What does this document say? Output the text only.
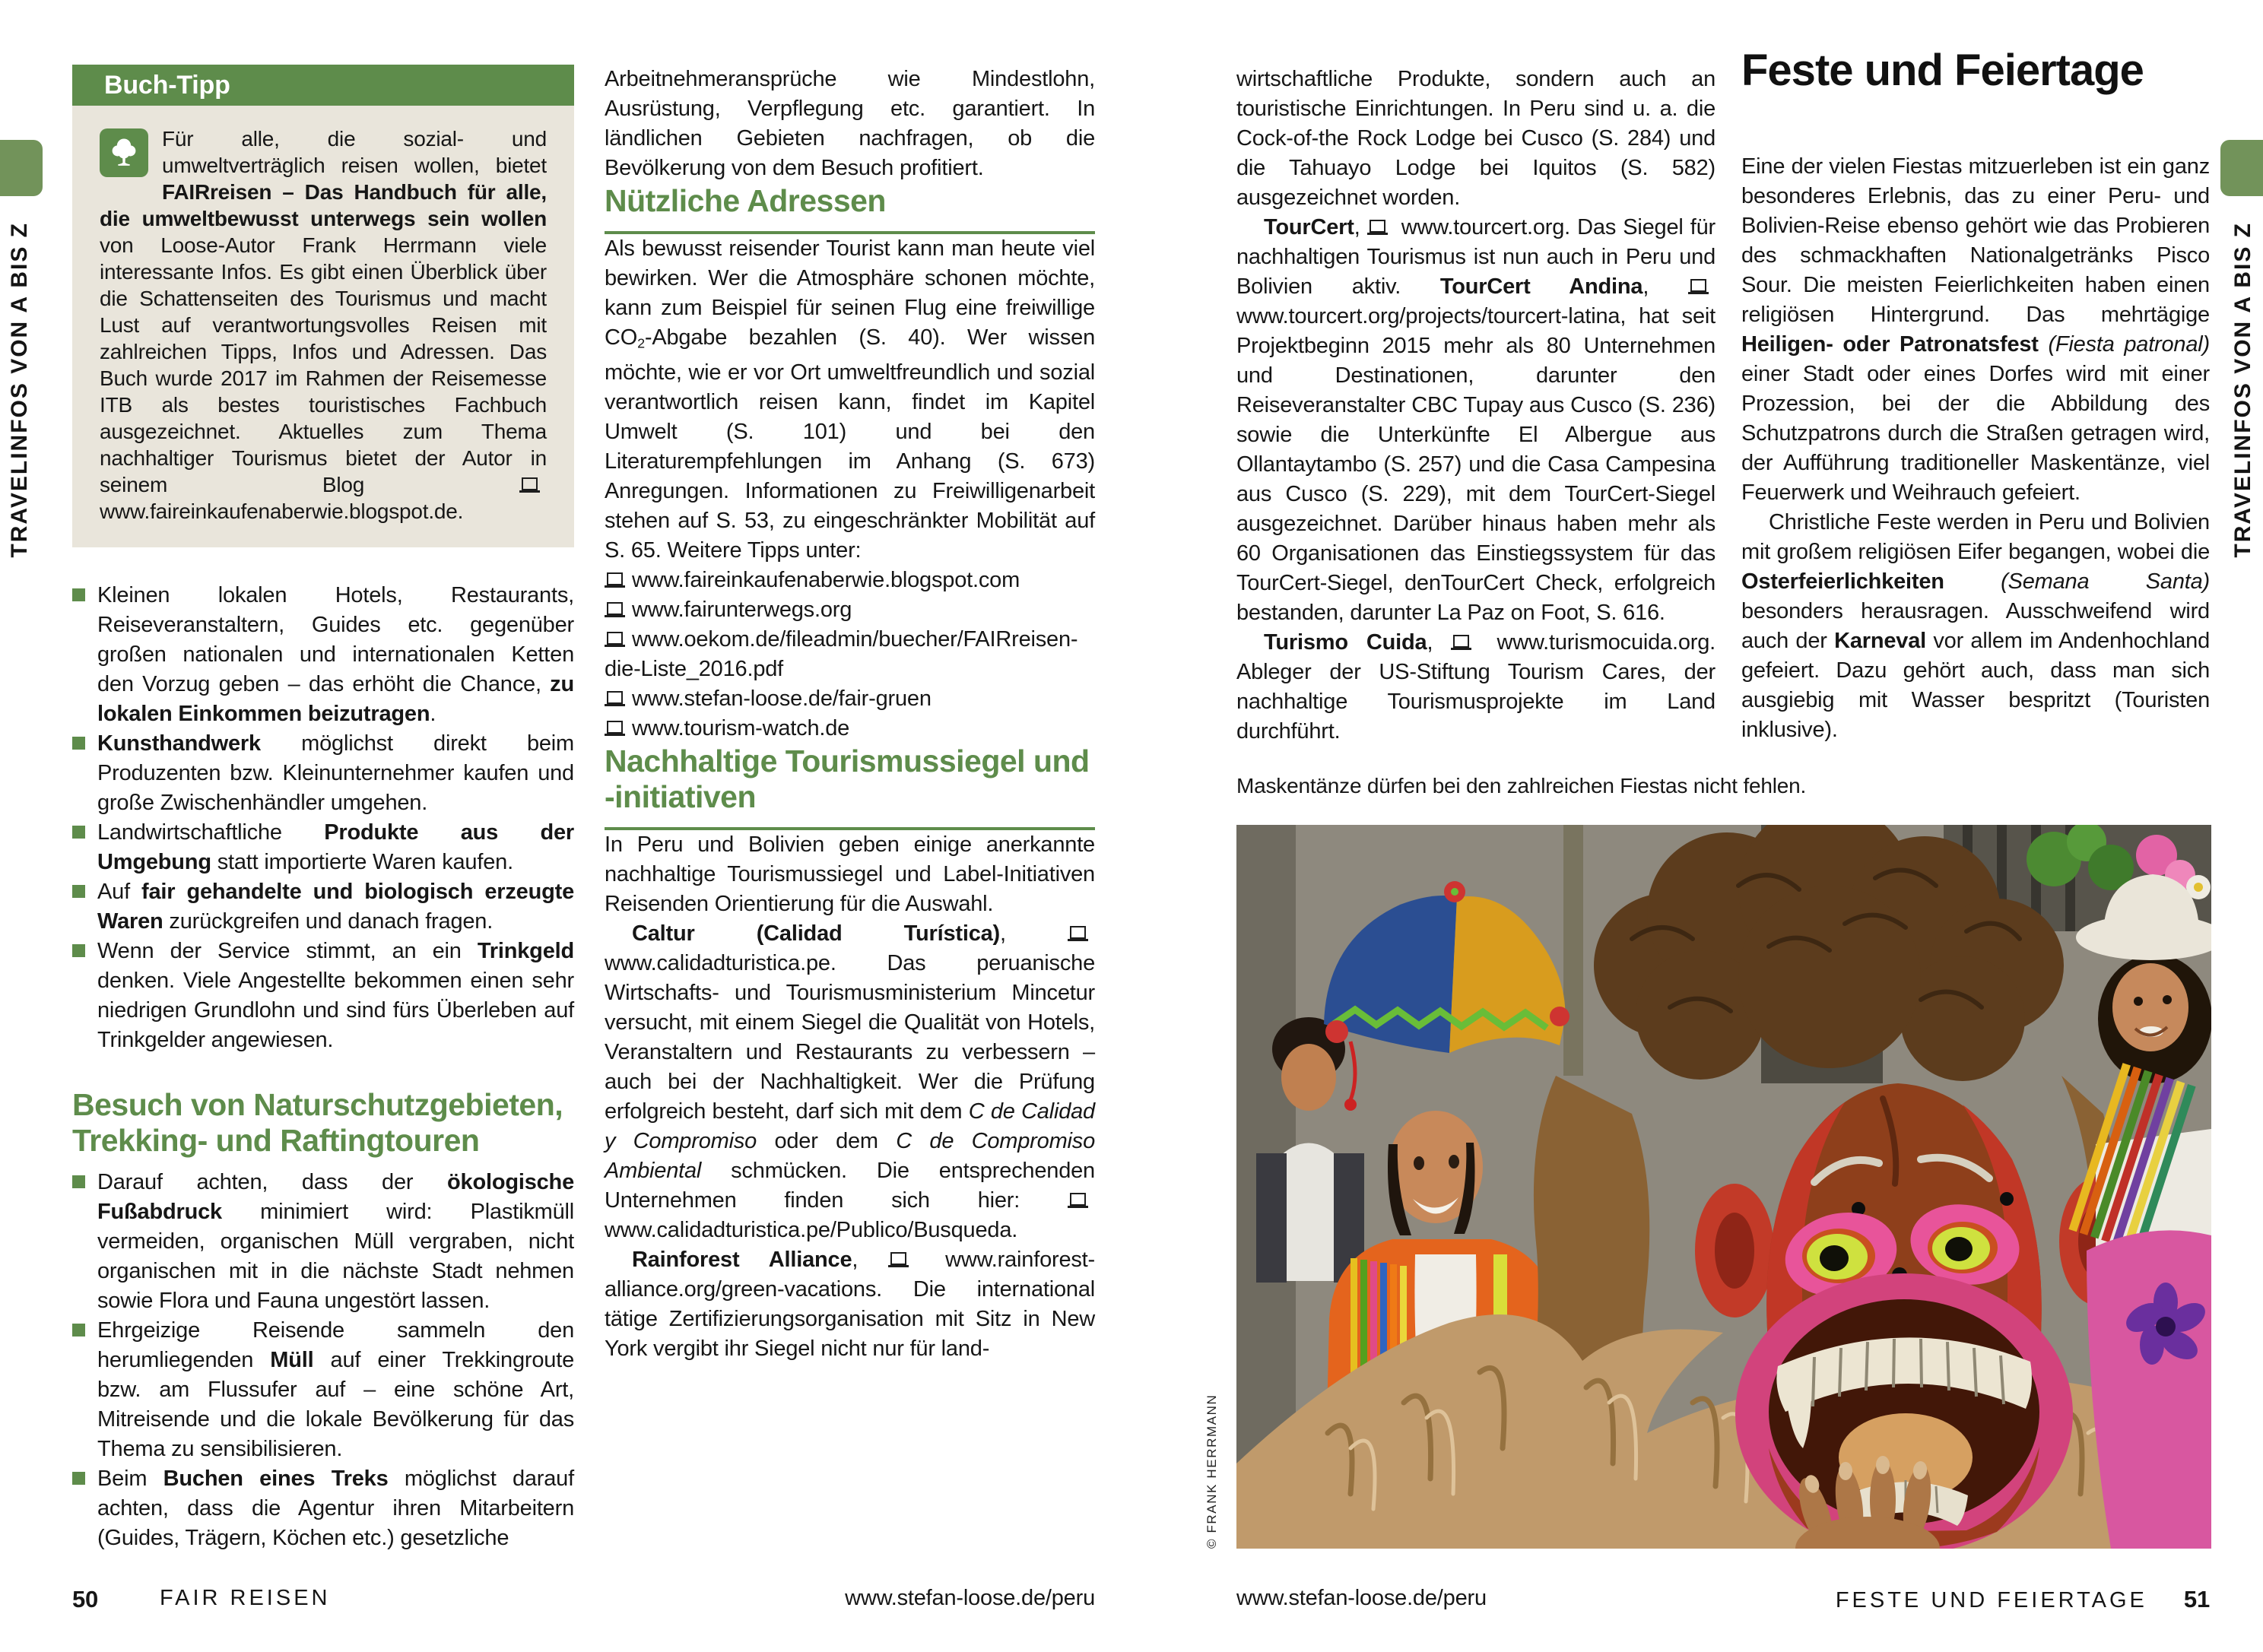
TRAVELINFOS VON A BIS Z	TRAVELINFOS VON A BIS Z
Buch-Tipp

Für alle, die sozial- und umweltverträglich reisen wollen, bietet FAIRreisen – Das Handbuch für alle, die umweltbewusst unterwegs sein wollen von Loose-Autor Frank Herrmann viele interessante Infos. Es gibt einen Überblick über die Schattenseiten des Tourismus und macht Lust auf verantwortungsvolles Reisen mit zahlreichen Tipps, Infos und Adressen. Das Buch wurde 2017 im Rahmen der Reisemesse ITB als bestes touristisches Fachbuch ausgezeichnet. Aktuelles zum Thema nachhaltiger Tourismus bietet der Autor in seinem Blog  www.faireinkaufenaberwie.blogspot.de.

Kleinen lokalen Hotels, Restaurants, Reiseveranstaltern, Guides etc. gegenüber großen nationalen und internationalen Ketten den Vorzug geben – das erhöht die Chance, zu lokalen Einkommen beizutragen.

Kunsthandwerk möglichst direkt beim Produzenten bzw. Kleinunternehmer kaufen und große Zwischenhändler umgehen.

Landwirtschaftliche Produkte aus der Umgebung statt importierte Waren kaufen.

Auf fair gehandelte und biologisch erzeugte Waren zurückgreifen und danach fragen.

Wenn der Service stimmt, an ein Trinkgeld denken. Viele Angestellte bekommen einen sehr niedrigen Grundlohn und sind fürs Überleben auf Trinkgelder angewiesen.

Besuch von Naturschutzgebieten, Trekking- und Raftingtouren

Darauf achten, dass der ökologische Fußabdruck minimiert wird: Plastikmüll vermeiden, organischen Müll vergraben, nicht organischen mit in die nächste Stadt nehmen sowie Flora und Fauna ungestört lassen.

Ehrgeizige Reisende sammeln den herumliegenden Müll auf einer Trekkingroute bzw. am Flussufer auf – eine schöne Art, Mitreisende und die lokale Bevölkerung für das Thema zu sensibilisieren.

Beim Buchen eines Treks möglichst darauf achten, dass die Agentur ihren Mitarbeitern (Guides, Trägern, Köchen etc.) gesetzliche

Arbeitnehmeransprüche wie Mindestlohn, Ausrüstung, Verpflegung etc. garantiert. In ländlichen Gebieten nachfragen, ob die Bevölkerung von dem Besuch profitiert.

Nützliche Adressen

Als bewusst reisender Tourist kann man heute viel bewirken. Wer die Atmosphäre schonen möchte, kann zum Beispiel für seinen Flug eine freiwillige CO2-Abgabe bezahlen (S. 40). Wer wissen möchte, wie er vor Ort umweltfreundlich und sozial verantwortlich reisen kann, findet im Kapitel Umwelt (S. 101) und bei den Literaturempfehlungen im Anhang (S. 673) Anregungen. Informationen zu Freiwilligenarbeit stehen auf S. 53, zu eingeschränkter Mobilität auf S. 65. Weitere Tipps unter:

www.faireinkaufenaberwie.blogspot.com
www.fairunterwegs.org
www.oekom.de/fileadmin/buecher/FAIRreisen-die-Liste_2016.pdf
www.stefan-loose.de/fair-gruen
www.tourism-watch.de
Nachhaltige Tourismussiegel und -initiativen

In Peru und Bolivien geben einige anerkannte nachhaltige Tourismussiegel und Label-Initiativen Reisenden Orientierung für die Auswahl.

Caltur (Calidad Turística),  www.calidadturistica.pe. Das peruanische Wirtschafts- und Tourismusministerium Mincetur versucht, mit einem Siegel die Qualität von Hotels, Veranstaltern und Restaurants zu verbessern – auch bei der Nachhaltigkeit. Wer die Prüfung erfolgreich besteht, darf sich mit dem C de Calidad y Compromiso oder dem C de Compromiso Ambiental schmücken. Die entsprechenden Unternehmen finden sich hier:  www.calidadturistica.pe/Publico/Busqueda.

Rainforest Alliance,  www.rainforest-alliance.org/green-vacations. Die international tätige Zertifizierungsorganisation mit Sitz in New York vergibt ihr Siegel nicht nur für land-

wirtschaftliche Produkte, sondern auch an touristische Einrichtungen. In Peru sind u. a. die Cock-of-the Rock Lodge bei Cusco (S. 284) und die Tahuayo Lodge bei Iquitos (S. 582) ausgezeichnet worden.

TourCert,  www.tourcert.org. Das Siegel für nachhaltigen Tourismus ist nun auch in Peru und Bolivien aktiv. TourCert Andina,  www.tourcert.org/projects/tourcert-latina, hat seit Projektbeginn 2015 mehr als 80 Unternehmen und Destinationen, darunter den Reiseveranstalter CBC Tupay aus Cusco (S. 236) sowie die Unterkünfte El Albergue aus Ollantaytambo (S. 257) und die Casa Campesina aus Cusco (S. 229), mit dem TourCert-Siegel ausgezeichnet. Darüber hinaus haben mehr als 60 Organisationen das Einstiegssystem für das TourCert-Siegel, denTourCert Check, erfolgreich bestanden, darunter La Paz on Foot, S. 616.

Turismo Cuida,  www.turismocuida.org. Ableger der US-Stiftung Tourism Cares, der nachhaltige Tourismusprojekte im Land durchführt.

Maskentänze dürfen bei den zahlreichen Fiestas nicht fehlen.
© FRANK HERRMANN
Feste und Feiertage

Eine der vielen Fiestas mitzuerleben ist ein ganz besonderes Erlebnis, das zu einer Peru- und Bolivien-Reise ebenso gehört wie das Probieren des schmackhaften Nationalgetränks Pisco Sour. Die meisten Feierlichkeiten haben einen religiösen Hintergrund. Das mehrtägige Heiligen- oder Patronatsfest (Fiesta patronal) einer Stadt oder eines Dorfes wird mit einer Prozession, bei der die Abbildung des Schutzpatrons durch die Straßen getragen wird, der Aufführung traditioneller Maskentänze, viel Feuerwerk und Weihrauch gefeiert.

Christliche Feste werden in Peru und Bolivien mit großem religiösen Eifer begangen, wobei die Osterfeierlichkeiten	(Semana Santa) besonders herausragen. Ausschweifend wird auch der Karneval vor allem im Andenhochland gefeiert. Dazu gehört auch, dass man sich ausgiebig mit Wasser bespritzt (Touristen inklusive).

50	FAIR REISEN	www.stefan-loose.de/peru	www.stefan-loose.de/peru	FESTE UND FEIERTAGE 51
